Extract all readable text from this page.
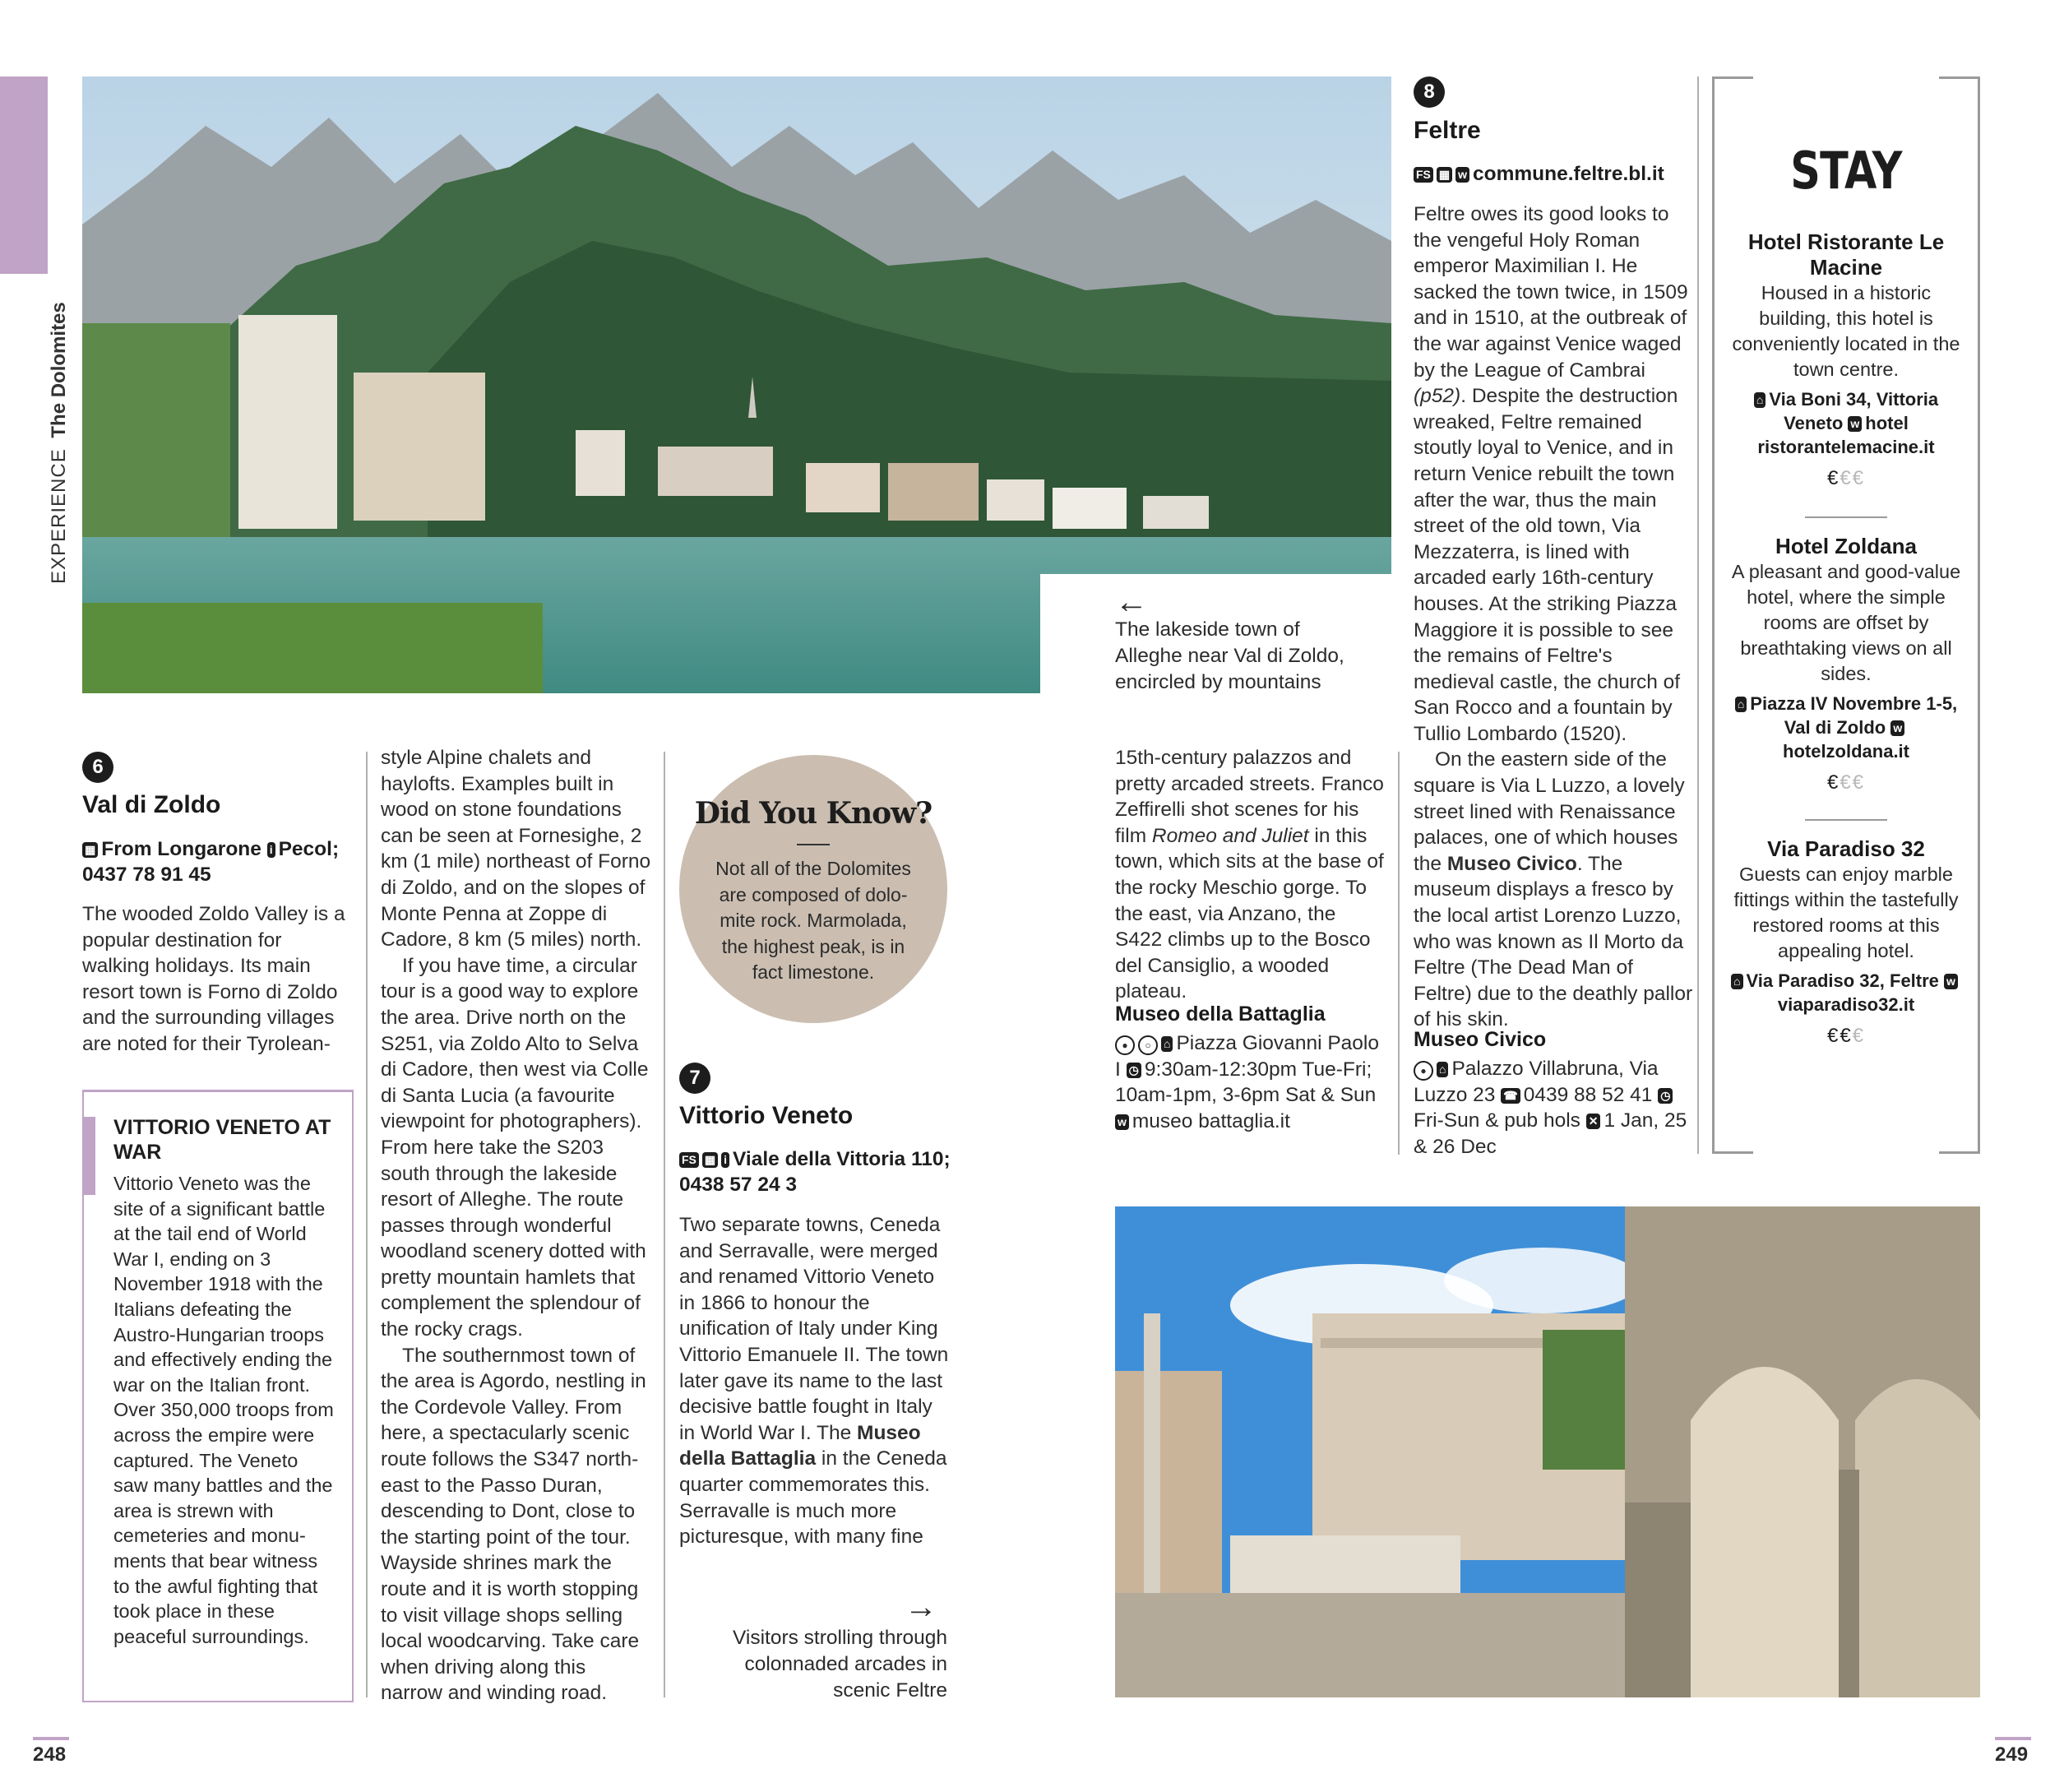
EXPERIENCE The Dolomites
←
The lakeside town of Alleghe near Val di Zoldo, encircled by mountains
6
Val di Zoldo
▦ From Longarone i Pecol; 0437 78 91 45

The wooded Zoldo Valley is a popular destination for walking holidays. Its main resort town is Forno di Zoldo and the surrounding villages are noted for their Tyrolean-

VITTORIO VENETO AT WAR
Vittorio Veneto was the site of a significant battle at the tail end of World War I, ending on 3 November 1918 with the Italians defeating the Austro-Hungarian troops and effectively ending the war on the Italian front. Over 350,000 troops from across the empire were captured. The Veneto saw many battles and the area is strewn with cemeteries and monu-ments that bear witness to the awful fighting that took place in these peaceful surroundings.

style Alpine chalets and haylofts. Examples built in wood on stone foundations can be seen at Fornesighe, 2 km (1 mile) northeast of Forno di Zoldo, and on the slopes of Monte Penna at Zoppe di Cadore, 8 km (5 miles) north.

If you have time, a circular tour is a good way to explore the area. Drive north on the S251, via Zoldo Alto to Selva di Cadore, then west via Colle di Santa Lucia (a favourite viewpoint for photographers). From here take the S203 south through the lakeside resort of Alleghe. The route passes through wonderful woodland scenery dotted with pretty mountain hamlets that complement the splendour of the rocky crags.

The southernmost town of the area is Agordo, nestling in the Cordevole Valley. From here, a spectacularly scenic route follows the S347 north-east to the Passo Duran, descending to Dont, close to the starting point of the tour. Wayside shrines mark the route and it is worth stopping to visit village shops selling local woodcarving. Take care when driving along this narrow and winding road.

Did You Know?
Not all of the Dolomites are composed of dolo-mite rock. Marmolada, the highest peak, is in fact limestone.
7
Vittorio Veneto
FS ▦ i Viale della Vittoria 110; 0438 57 24 3

Two separate towns, Ceneda and Serravalle, were merged and renamed Vittorio Veneto in 1866 to honour the unification of Italy under King Vittorio Emanuele II. The town later gave its name to the last decisive battle fought in Italy in World War I. The Museo della Battaglia in the Ceneda quarter commemorates this. Serravalle is much more picturesque, with many fine

→
Visitors strolling through colonnaded arcades in scenic Feltre

15th-century palazzos and pretty arcaded streets. Franco Zeffirelli shot scenes for his film Romeo and Juliet in this town, which sits at the base of the rocky Meschio gorge. To the east, via Anzano, the S422 climbs up to the Bosco del Cansiglio, a wooded plateau.

Museo della Battaglia
● ○ ⌂ Piazza Giovanni Paolo I ◷ 9:30am-12:30pm Tue-Fri; 10am-1pm, 3-6pm Sat & Sun w museo battaglia.it
8
Feltre
FS ▦ w commune.feltre.bl.it

Feltre owes its good looks to the vengeful Holy Roman emperor Maximilian I. He sacked the town twice, in 1509 and in 1510, at the outbreak of the war against Venice waged by the League of Cambrai (p52). Despite the destruction wreaked, Feltre remained stoutly loyal to Venice, and in return Venice rebuilt the town after the war, thus the main street of the old town, Via Mezzaterra, is lined with arcaded early 16th-century houses. At the striking Piazza Maggiore it is possible to see the remains of Feltre's medieval castle, the church of San Rocco and a fountain by Tullio Lombardo (1520).

On the eastern side of the square is Via L Luzzo, a lovely street lined with Renaissance palaces, one of which houses the Museo Civico. The museum displays a fresco by the local artist Lorenzo Luzzo, who was known as Il Morto da Feltre (The Dead Man of Feltre) due to the deathly pallor of his skin.

Museo Civico
● ⌂ Palazzo Villabruna, Via Luzzo 23 ☎ 0439 88 52 41 ◷Fri-Sun & pub hols ✕ 1 Jan, 25 & 26 Dec
STAY
Hotel Ristorante Le Macine
Housed in a historic building, this hotel is conveniently located in the town centre.
⌂ Via Boni 34, Vittoria Veneto w hotel ristorantelemacine.it
€€€
Hotel Zoldana
A pleasant and good-value hotel, where the simple rooms are offset by breathtaking views on all sides.
⌂ Piazza IV Novembre 1-5, Val di Zoldo whotelzoldana.it
€€€
Via Paradiso 32
Guests can enjoy marble fittings within the tastefully restored rooms at this appealing hotel.
⌂ Via Paradiso 32, Feltre wviaparadiso32.it
€€€
248	249
